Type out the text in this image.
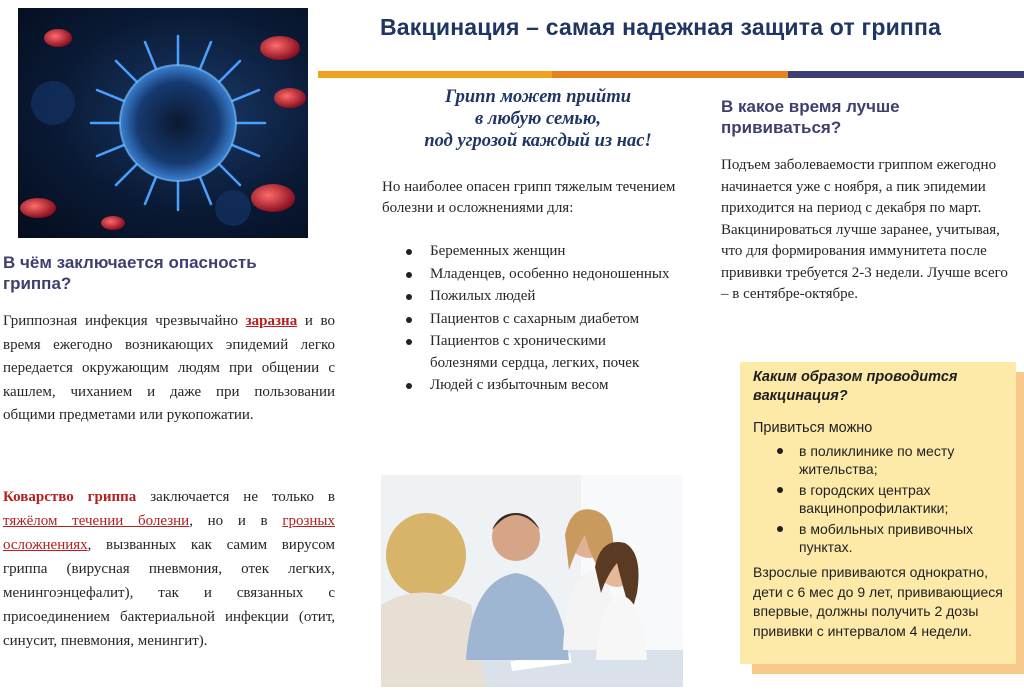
Вакцинация – самая надежная защита от гриппа
В чём заключается опасность гриппа?

Гриппозная инфекция чрезвычайно заразна и во время ежегодно возникающих эпидемий легко передается окружающим людям при общении с кашлем, чиханием и даже при пользовании общими предметами или рукопожатии.

Коварство гриппа заключается не только в тяжёлом течении болезни, но и в грозных осложнениях, вызванных как самим вирусом гриппа (вирусная пневмония, отек легких, менингоэнцефалит), так и связанных с присоединением бактериальной инфекции (отит, синусит, пневмония, менингит).

Грипп может прийти
в любую семью,
под угрозой каждый из нас!

Но наиболее опасен грипп тяжелым течением болезни и осложнениями для:

Беременных женщин
Младенцев, особенно недоношенных
Пожилых людей
Пациентов с сахарным диабетом
Пациентов с хроническими болезнями сердца, легких, почек
Людей с избыточным весом
В какое время лучше прививаться?

Подъем заболеваемости гриппом ежегодно начинается уже с ноября, а пик эпидемии приходится на период с декабря по март. Вакцинироваться лучше заранее, учитывая, что для формирования иммунитета после прививки требуется 2-3 недели. Лучше всего – в сентябре-октябре.

Каким образом проводится вакцинация?
Привиться можно
в поликлинике по месту жительства;
в городских центрах вакцинопрофилактики;
в мобильных прививочных пунктах.

Взрослые прививаются однократно, дети с 6 мес до 9 лет, прививающиеся впервые, должны получить 2 дозы прививки с интервалом 4 недели.
